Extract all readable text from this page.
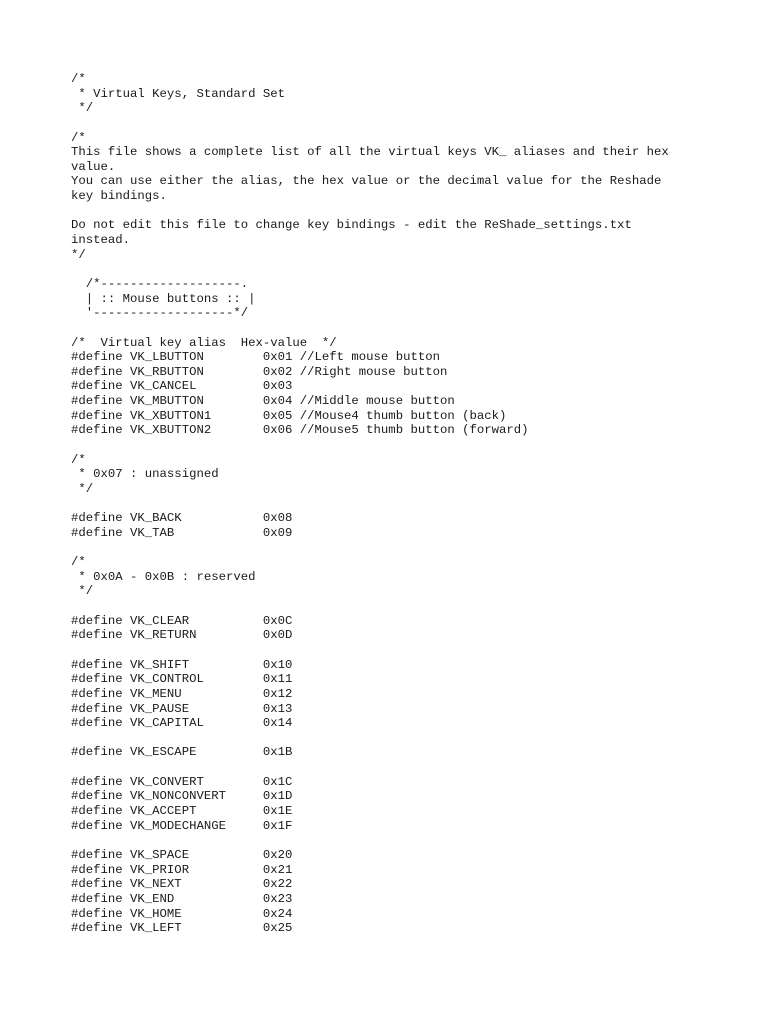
/*
* Virtual Keys, Standard Set
*/
/*
This file shows a complete list of all the virtual keys VK_ aliases and their hex
value.
You can use either the alias, the hex value or the decimal value for the Reshade
key bindings.
Do not edit this file to change key bindings - edit the ReShade_settings.txt
instead.
*/
/*-------------------.
| :: Mouse buttons :: |
'-------------------*/
/*  Virtual key alias  Hex-value  */
#define VK_LBUTTON        0x01 //Left mouse button
#define VK_RBUTTON        0x02 //Right mouse button
#define VK_CANCEL         0x03
#define VK_MBUTTON        0x04 //Middle mouse button
#define VK_XBUTTON1       0x05 //Mouse4 thumb button (back)
#define VK_XBUTTON2       0x06 //Mouse5 thumb button (forward)
/*
* 0x07 : unassigned
*/
#define VK_BACK           0x08
#define VK_TAB            0x09
/*
* 0x0A - 0x0B : reserved
*/
#define VK_CLEAR          0x0C
#define VK_RETURN         0x0D
#define VK_SHIFT          0x10
#define VK_CONTROL        0x11
#define VK_MENU           0x12
#define VK_PAUSE          0x13
#define VK_CAPITAL        0x14
#define VK_ESCAPE         0x1B
#define VK_CONVERT        0x1C
#define VK_NONCONVERT     0x1D
#define VK_ACCEPT         0x1E
#define VK_MODECHANGE     0x1F
#define VK_SPACE          0x20
#define VK_PRIOR          0x21
#define VK_NEXT           0x22
#define VK_END            0x23
#define VK_HOME           0x24
#define VK_LEFT           0x25
